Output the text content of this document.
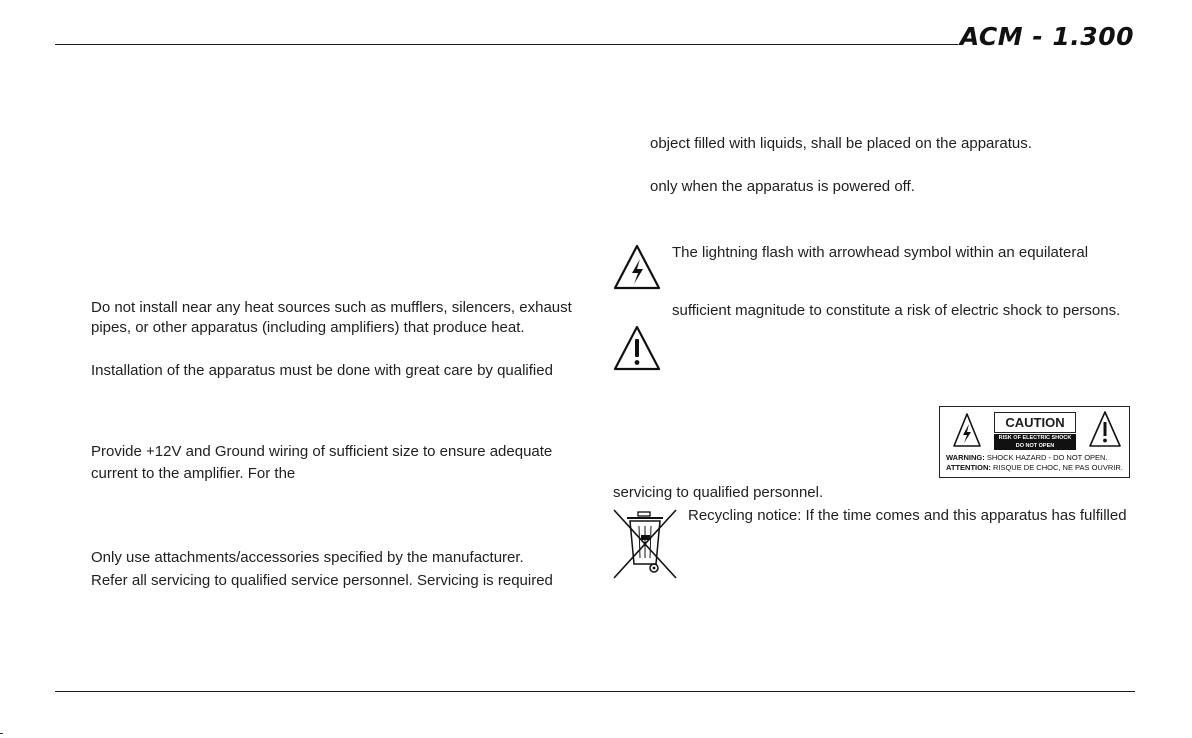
ACM - 1.300
Do not install near any heat sources such as mufflers, silencers, exhaust
pipes, or other apparatus (including amplifiers) that produce heat.
Installation of the apparatus must be done with great care by qualified
Provide +12V and Ground wiring of sufficient size to ensure adequate
current to the amplifier. For the
Only use attachments/accessories specified by the manufacturer.
Refer all servicing to qualified service personnel. Servicing is required
object filled with liquids, shall be placed on the apparatus.
only when the apparatus is powered off.
The lightning flash with arrowhead symbol within an equilateral
sufficient magnitude to constitute a risk of electric shock to persons.
CAUTION
RISK OF ELECTRIC SHOCK
DO NOT OPEN
WARNING: SHOCK HAZARD - DO NOT OPEN.
ATTENTION: RISQUE DE CHOC, NE PAS OUVRIR.
servicing to qualified personnel.
Recycling notice: If the time comes and this apparatus has fulfilled
